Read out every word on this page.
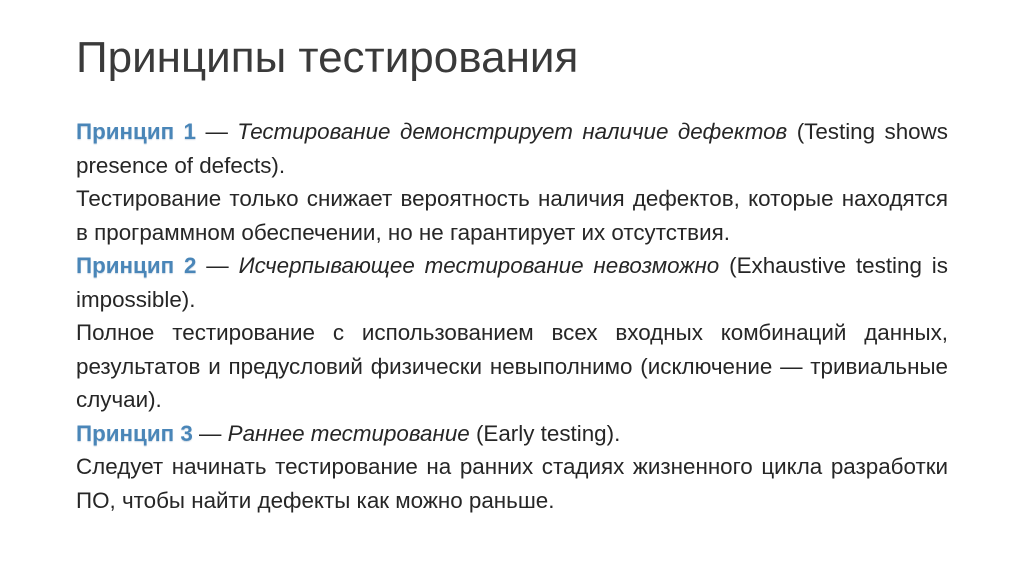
Принципы тестирования

Принцип 1 — Тестирование демонстрирует наличие дефектов (Testing shows presence of defects).

Тестирование только снижает вероятность наличия дефектов, которые находятся в программном обеспечении, но не гарантирует их отсутствия.

Принцип 2 — Исчерпывающее тестирование невозможно (Exhaustive testing is impossible).

Полное тестирование с использованием всех входных комбинаций данных, результатов и предусловий физически невыполнимо (исключение — тривиальные случаи).

Принцип 3 — Раннее тестирование (Early testing).

Следует начинать тестирование на ранних стадиях жизненного цикла разработки ПО, чтобы найти дефекты как можно раньше.
